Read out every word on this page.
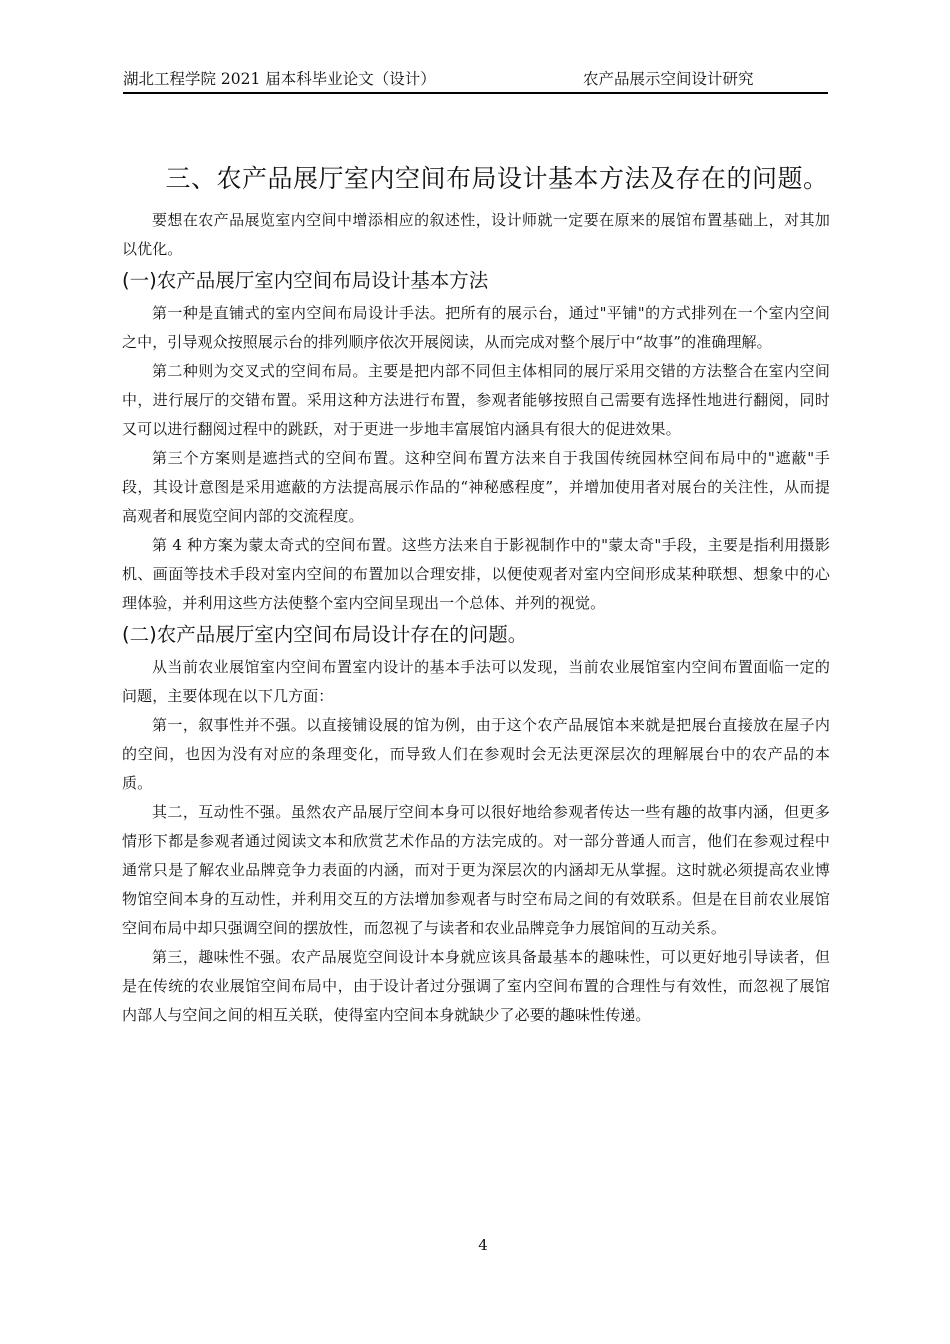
湖北工程学院 2021 届本科毕业论文（设计）	农产品展示空间设计研究
三、农产品展厅室内空间布局设计基本方法及存在的问题。

要想在农产品展览室内空间中增添相应的叙述性，设计师就一定要在原来的展馆布置基础上，对其加以优化。

(一)农产品展厅室内空间布局设计基本方法

第一种是直铺式的室内空间布局设计手法。把所有的展示台，通过"平铺"的方式排列在一个室内空间之中，引导观众按照展示台的排列顺序依次开展阅读，从而完成对整个展厅中“故事”的准确理解。

第二种则为交叉式的空间布局。主要是把内部不同但主体相同的展厅采用交错的方法整合在室内空间中，进行展厅的交错布置。采用这种方法进行布置，参观者能够按照自己需要有选择性地进行翻阅，同时又可以进行翻阅过程中的跳跃，对于更进一步地丰富展馆内涵具有很大的促进效果。

第三个方案则是遮挡式的空间布置。这种空间布置方法来自于我国传统园林空间布局中的"遮蔽"手段，其设计意图是采用遮蔽的方法提高展示作品的“神秘感程度”，并增加使用者对展台的关注性，从而提高观者和展览空间内部的交流程度。

第 4 种方案为蒙太奇式的空间布置。这些方法来自于影视制作中的"蒙太奇"手段，主要是指利用摄影机、画面等技术手段对室内空间的布置加以合理安排，以便使观者对室内空间形成某种联想、想象中的心理体验，并利用这些方法使整个室内空间呈现出一个总体、并列的视觉。

(二)农产品展厅室内空间布局设计存在的问题。

从当前农业展馆室内空间布置室内设计的基本手法可以发现，当前农业展馆室内空间布置面临一定的问题，主要体现在以下几方面：

第一，叙事性并不强。以直接铺设展的馆为例，由于这个农产品展馆本来就是把展台直接放在屋子内的空间，也因为没有对应的条理变化，而导致人们在参观时会无法更深层次的理解展台中的农产品的本质。

其二，互动性不强。虽然农产品展厅空间本身可以很好地给参观者传达一些有趣的故事内涵，但更多情形下都是参观者通过阅读文本和欣赏艺术作品的方法完成的。对一部分普通人而言，他们在参观过程中通常只是了解农业品牌竞争力表面的内涵，而对于更为深层次的内涵却无从掌握。这时就必须提高农业博物馆空间本身的互动性，并利用交互的方法增加参观者与时空布局之间的有效联系。但是在目前农业展馆空间布局中却只强调空间的摆放性，而忽视了与读者和农业品牌竞争力展馆间的互动关系。

第三，趣味性不强。农产品展览空间设计本身就应该具备最基本的趣味性，可以更好地引导读者，但是在传统的农业展馆空间布局中，由于设计者过分强调了室内空间布置的合理性与有效性，而忽视了展馆内部人与空间之间的相互关联，使得室内空间本身就缺少了必要的趣味性传递。

4
